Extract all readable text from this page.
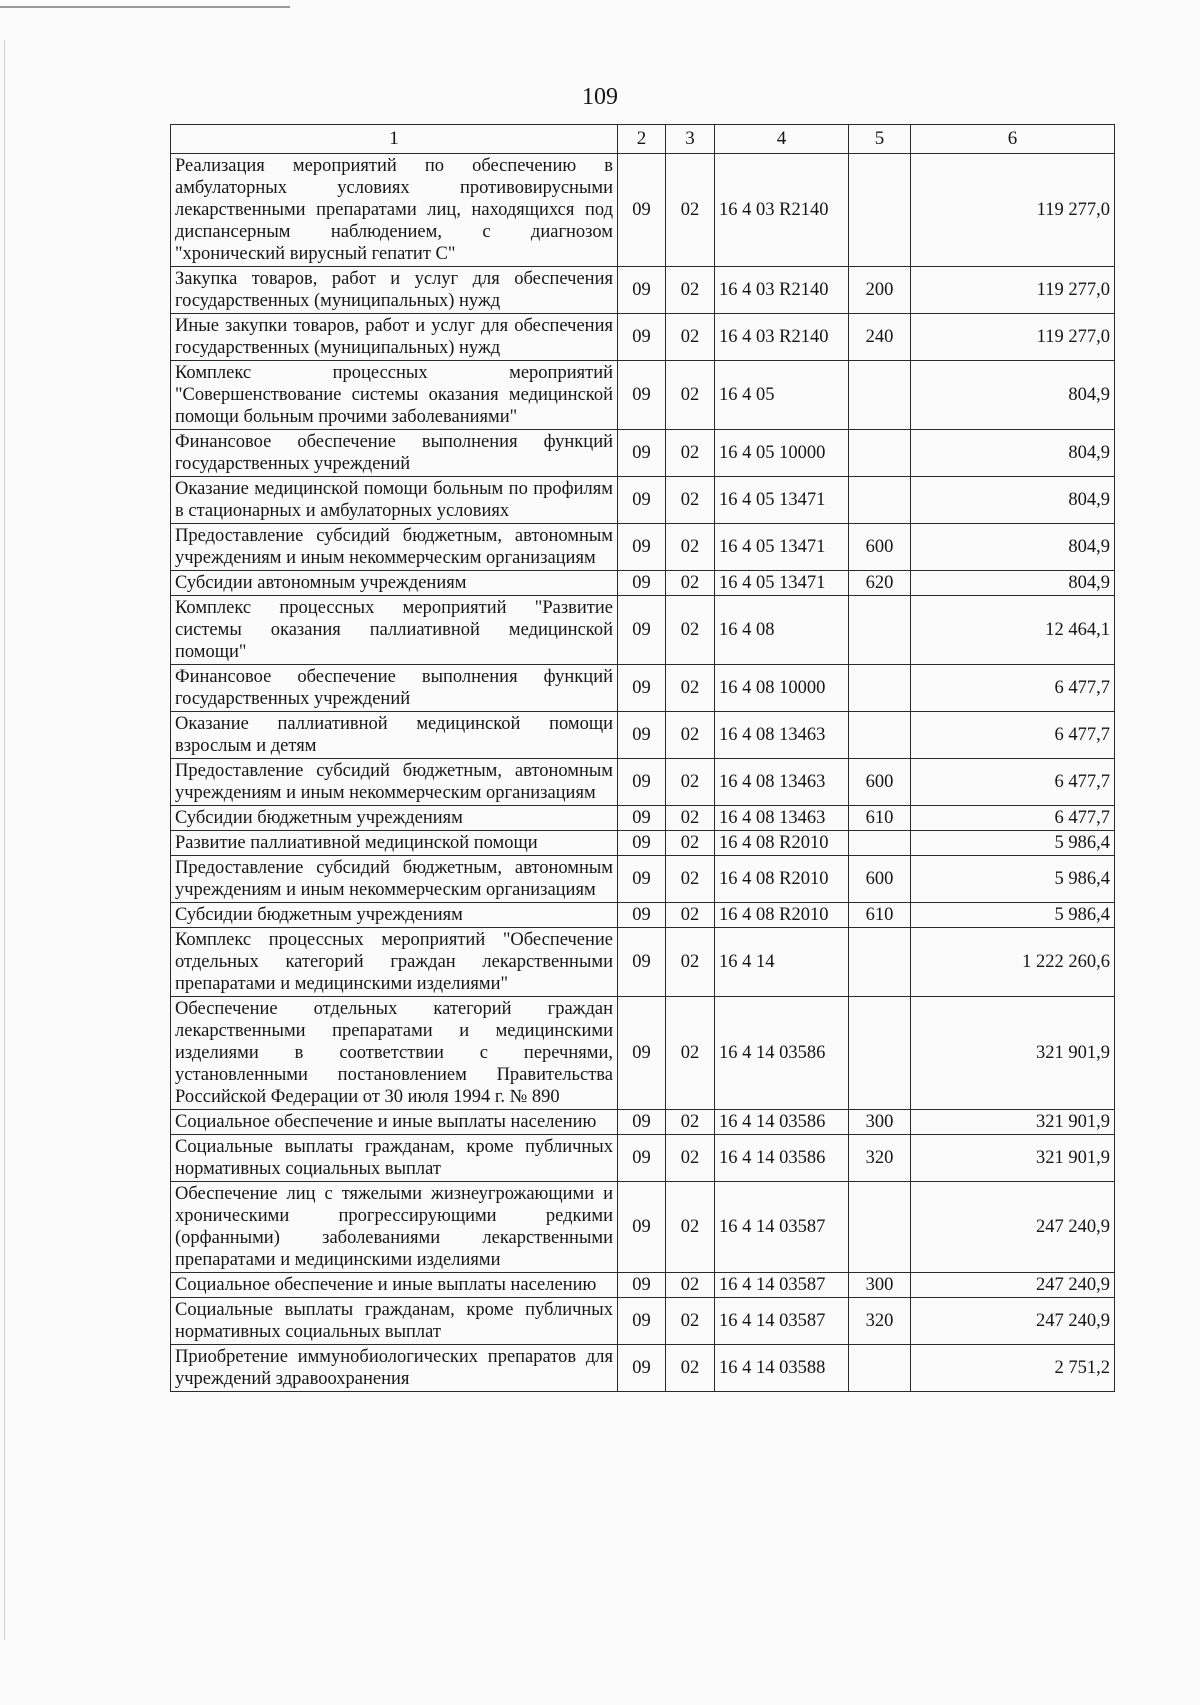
109
1	2	3	4	5	6
Реализация мероприятий по обеспечению в амбулаторных условиях противовирусными лекарственными препаратами лиц, находящихся под диспансерным наблюдением, с диагнозом "хронический вирусный гепатит С"	09	02	16 4 03 R2140		119 277,0
Закупка товаров, работ и услуг для обеспечения государственных (муниципальных) нужд	09	02	16 4 03 R2140	200	119 277,0
Иные закупки товаров, работ и услуг для обеспечения государственных (муниципальных) нужд	09	02	16 4 03 R2140	240	119 277,0
Комплекс процессных мероприятий "Совершенствование системы оказания медицинской помощи больным прочими заболеваниями"	09	02	16 4 05		804,9
Финансовое обеспечение выполнения функций государственных учреждений	09	02	16 4 05 10000		804,9
Оказание медицинской помощи больным по профилям в стационарных и амбулаторных условиях	09	02	16 4 05 13471		804,9
Предоставление субсидий бюджетным, автономным учреждениям и иным некоммерческим организациям	09	02	16 4 05 13471	600	804,9
Субсидии автономным учреждениям	09	02	16 4 05 13471	620	804,9
Комплекс процессных мероприятий "Развитие системы оказания паллиативной медицинской помощи"	09	02	16 4 08		12 464,1
Финансовое обеспечение выполнения функций государственных учреждений	09	02	16 4 08 10000		6 477,7
Оказание паллиативной медицинской помощи взрослым и детям	09	02	16 4 08 13463		6 477,7
Предоставление субсидий бюджетным, автономным учреждениям и иным некоммерческим организациям	09	02	16 4 08 13463	600	6 477,7
Субсидии бюджетным учреждениям	09	02	16 4 08 13463	610	6 477,7
Развитие паллиативной медицинской помощи	09	02	16 4 08 R2010		5 986,4
Предоставление субсидий бюджетным, автономным учреждениям и иным некоммерческим организациям	09	02	16 4 08 R2010	600	5 986,4
Субсидии бюджетным учреждениям	09	02	16 4 08 R2010	610	5 986,4
Комплекс процессных мероприятий "Обеспечение отдельных категорий граждан лекарственными препаратами и медицинскими изделиями"	09	02	16 4 14		1 222 260,6
Обеспечение отдельных категорий граждан лекарственными препаратами и медицинскими изделиями в соответствии с перечнями, установленными постановлением Правительства Российской Федерации от 30 июля 1994 г. № 890	09	02	16 4 14 03586		321 901,9
Социальное обеспечение и иные выплаты населению	09	02	16 4 14 03586	300	321 901,9
Социальные выплаты гражданам, кроме публичных нормативных социальных выплат	09	02	16 4 14 03586	320	321 901,9
Обеспечение лиц с тяжелыми жизнеугрожающими и хроническими прогрессирующими редкими (орфанными) заболеваниями лекарственными препаратами и медицинскими изделиями	09	02	16 4 14 03587		247 240,9
Социальное обеспечение и иные выплаты населению	09	02	16 4 14 03587	300	247 240,9
Социальные выплаты гражданам, кроме публичных нормативных социальных выплат	09	02	16 4 14 03587	320	247 240,9
Приобретение иммунобиологических препаратов для учреждений здравоохранения	09	02	16 4 14 03588		2 751,2
